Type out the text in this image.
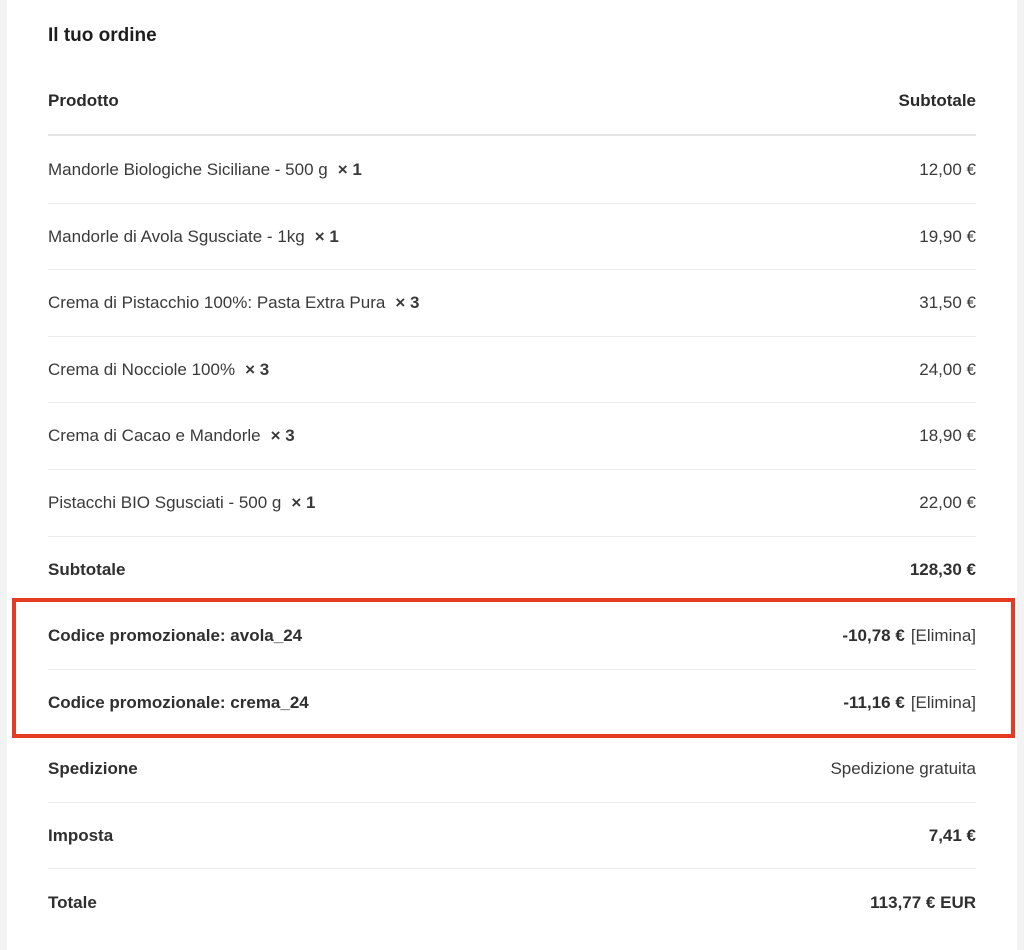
Il tuo ordine
Prodotto	Subtotale
Mandorle Biologiche Siciliane - 500 g × 1	12,00 €
Mandorle di Avola Sgusciate - 1kg × 1	19,90 €
Crema di Pistacchio 100%: Pasta Extra Pura × 3	31,50 €
Crema di Nocciole 100% × 3	24,00 €
Crema di Cacao e Mandorle × 3	18,90 €
Pistacchi BIO Sgusciati - 500 g × 1	22,00 €
Subtotale	128,30 €
Codice promozionale: avola_24	-10,78 € [Elimina]
Codice promozionale: crema_24	-11,16 € [Elimina]
Spedizione	Spedizione gratuita
Imposta	7,41 €
Totale	113,77 € EUR
